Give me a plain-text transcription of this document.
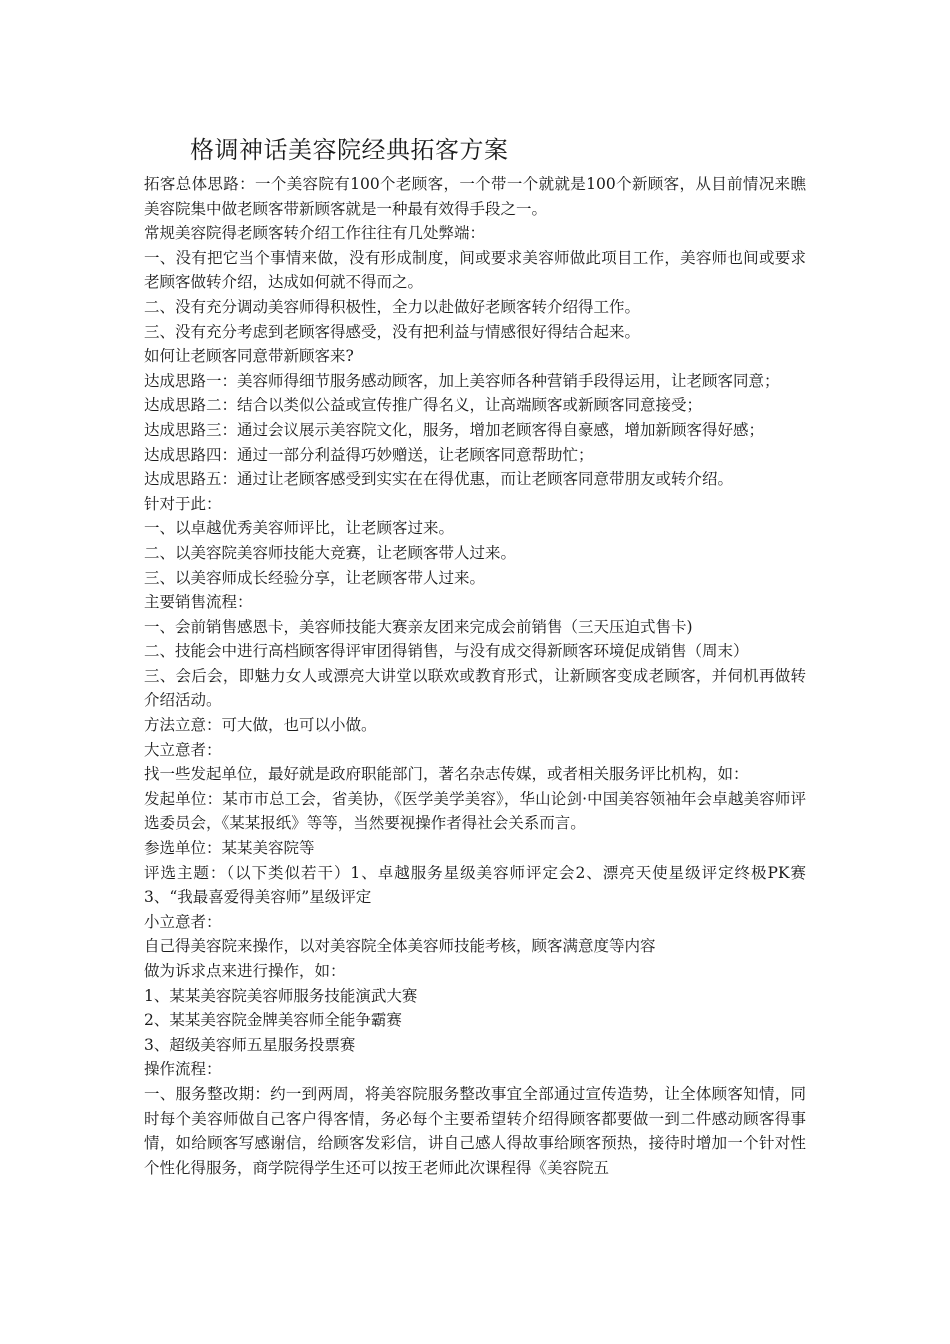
格调神话美容院经典拓客方案

拓客总体思路：一个美容院有100个老顾客，一个带一个就就是100个新顾客，从目前情况来瞧美容院集中做老顾客带新顾客就是一种最有效得手段之一。

常规美容院得老顾客转介绍工作往往有几处弊端：

一、没有把它当个事情来做，没有形成制度，间或要求美容师做此项目工作，美容师也间或要求老顾客做转介绍，达成如何就不得而之。

二、没有充分调动美容师得积极性，全力以赴做好老顾客转介绍得工作。

三、没有充分考虑到老顾客得感受，没有把利益与情感很好得结合起来。

如何让老顾客同意带新顾客来?

达成思路一：美容师得细节服务感动顾客，加上美容师各种营销手段得运用，让老顾客同意；

达成思路二：结合以类似公益或宣传推广得名义，让高端顾客或新顾客同意接受；

达成思路三：通过会议展示美容院文化，服务，增加老顾客得自豪感，增加新顾客得好感；

达成思路四：通过一部分利益得巧妙赠送，让老顾客同意帮助忙；

达成思路五：通过让老顾客感受到实实在在得优惠，而让老顾客同意带朋友或转介绍。

针对于此：

一、以卓越优秀美容师评比，让老顾客过来。

二、以美容院美容师技能大竞赛，让老顾客带人过来。

三、以美容师成长经验分享，让老顾客带人过来。

主要销售流程：

一、会前销售感恩卡，美容师技能大赛亲友团来完成会前销售（三天压迫式售卡)

二、技能会中进行高档顾客得评审团得销售，与没有成交得新顾客环境促成销售（周末）

三、会后会，即魅力女人或漂亮大讲堂以联欢或教育形式，让新顾客变成老顾客，并伺机再做转介绍活动。

方法立意：可大做，也可以小做。

大立意者：

找一些发起单位，最好就是政府职能部门，著名杂志传媒，或者相关服务评比机构，如：

发起单位：某市市总工会，省美协，《医学美学美容》，华山论剑·中国美容领袖年会卓越美容师评选委员会，《某某报纸》等等，当然要视操作者得社会关系而言。

参选单位：某某美容院等

评选主题：（以下类似若干）1、卓越服务星级美容师评定会2、漂亮天使星级评定终极PK赛3、“我最喜爱得美容师”星级评定

小立意者：

自己得美容院来操作，以对美容院全体美容师技能考核，顾客满意度等内容

做为诉求点来进行操作，如：

1、某某美容院美容师服务技能演武大赛

2、某某美容院金牌美容师全能争霸赛

3、超级美容师五星服务投票赛

操作流程：

一、服务整改期：约一到两周，将美容院服务整改事宜全部通过宣传造势，让全体顾客知情，同时每个美容师做自己客户得客情，务必每个主要希望转介绍得顾客都要做一到二件感动顾客得事情，如给顾客写感谢信，给顾客发彩信，讲自己感人得故事给顾客预热，接待时增加一个针对性个性化得服务，商学院得学生还可以按王老师此次课程得《美容院五
